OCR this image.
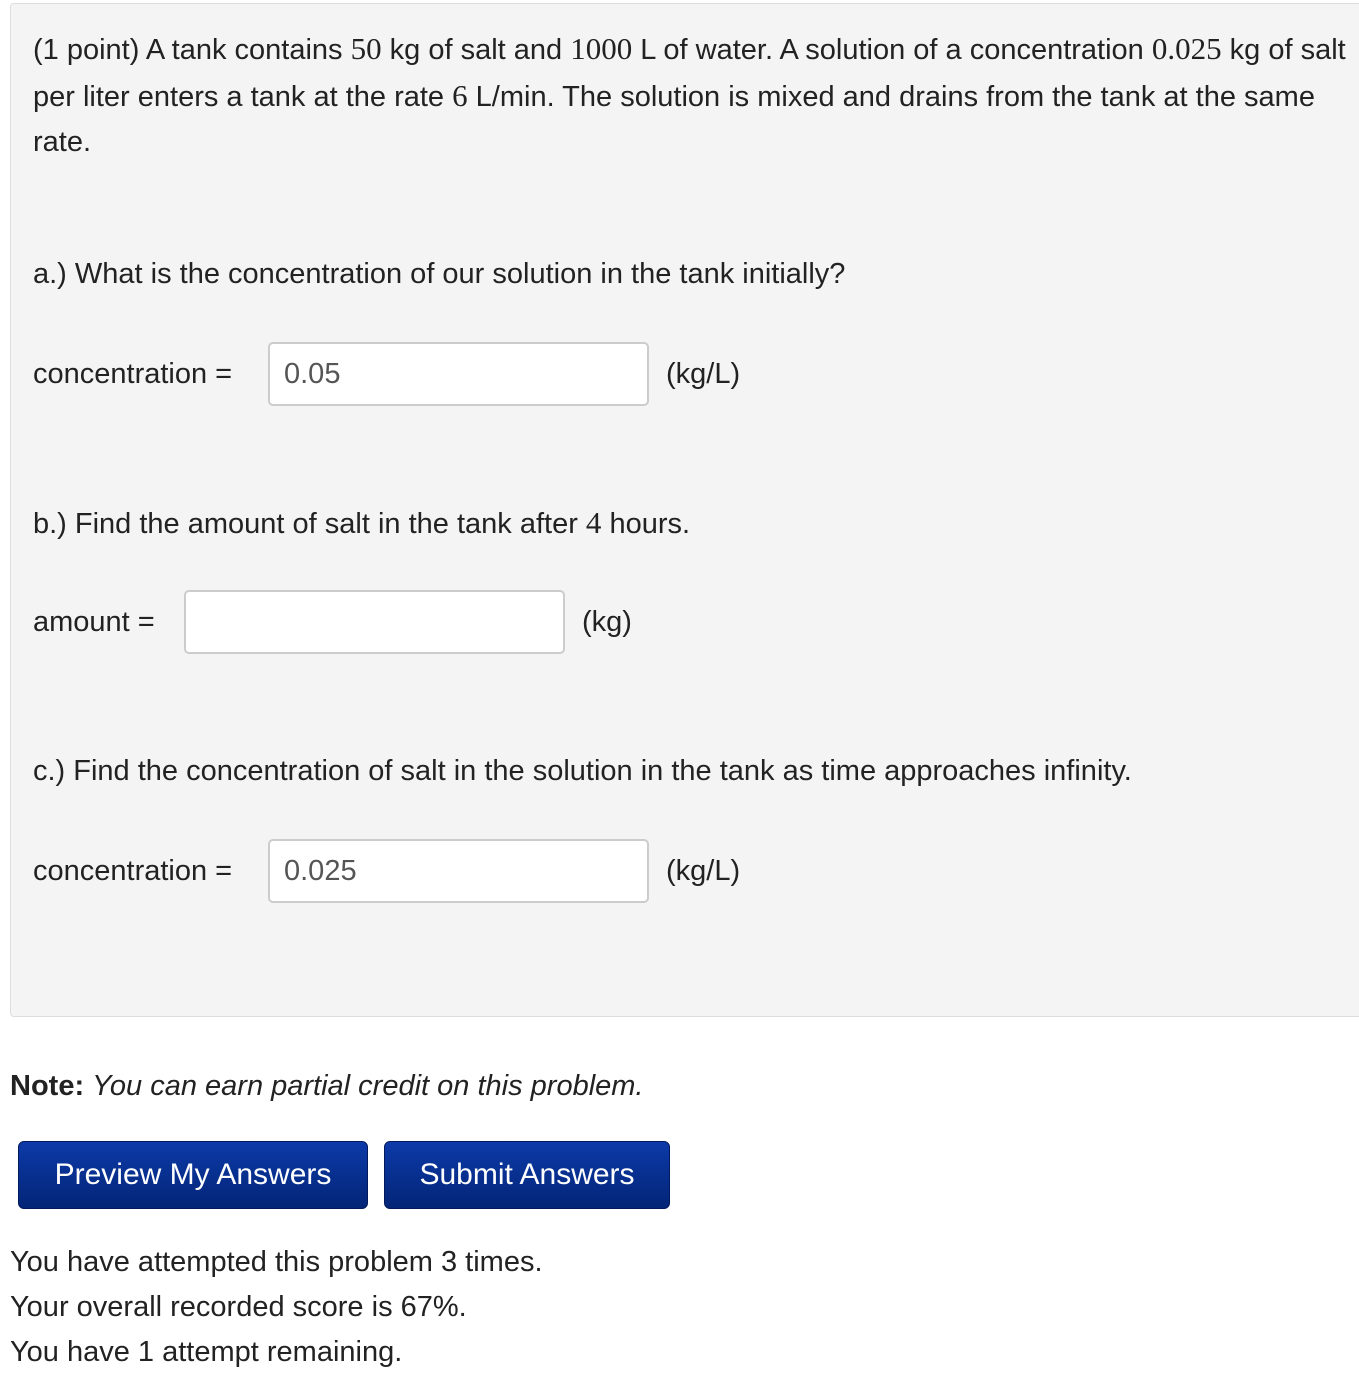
(1 point) A tank contains 50 kg of salt and 1000 L of water. A solution of a concentration 0.025 kg of salt per liter enters a tank at the rate 6 L/min. The solution is mixed and drains from the tank at the same rate.

a.) What is the concentration of our solution in the tank initially?

concentration =
0.05	(kg/L)

b.) Find the amount of salt in the tank after 4 hours.

amount =	(kg)

c.) Find the concentration of salt in the solution in the tank as time approaches infinity.

concentration =
0.025	(kg/L)
Note: You can earn partial credit on this problem.
Preview My Answers	Submit Answers
You have attempted this problem 3 times.
Your overall recorded score is 67%.
You have 1 attempt remaining.
